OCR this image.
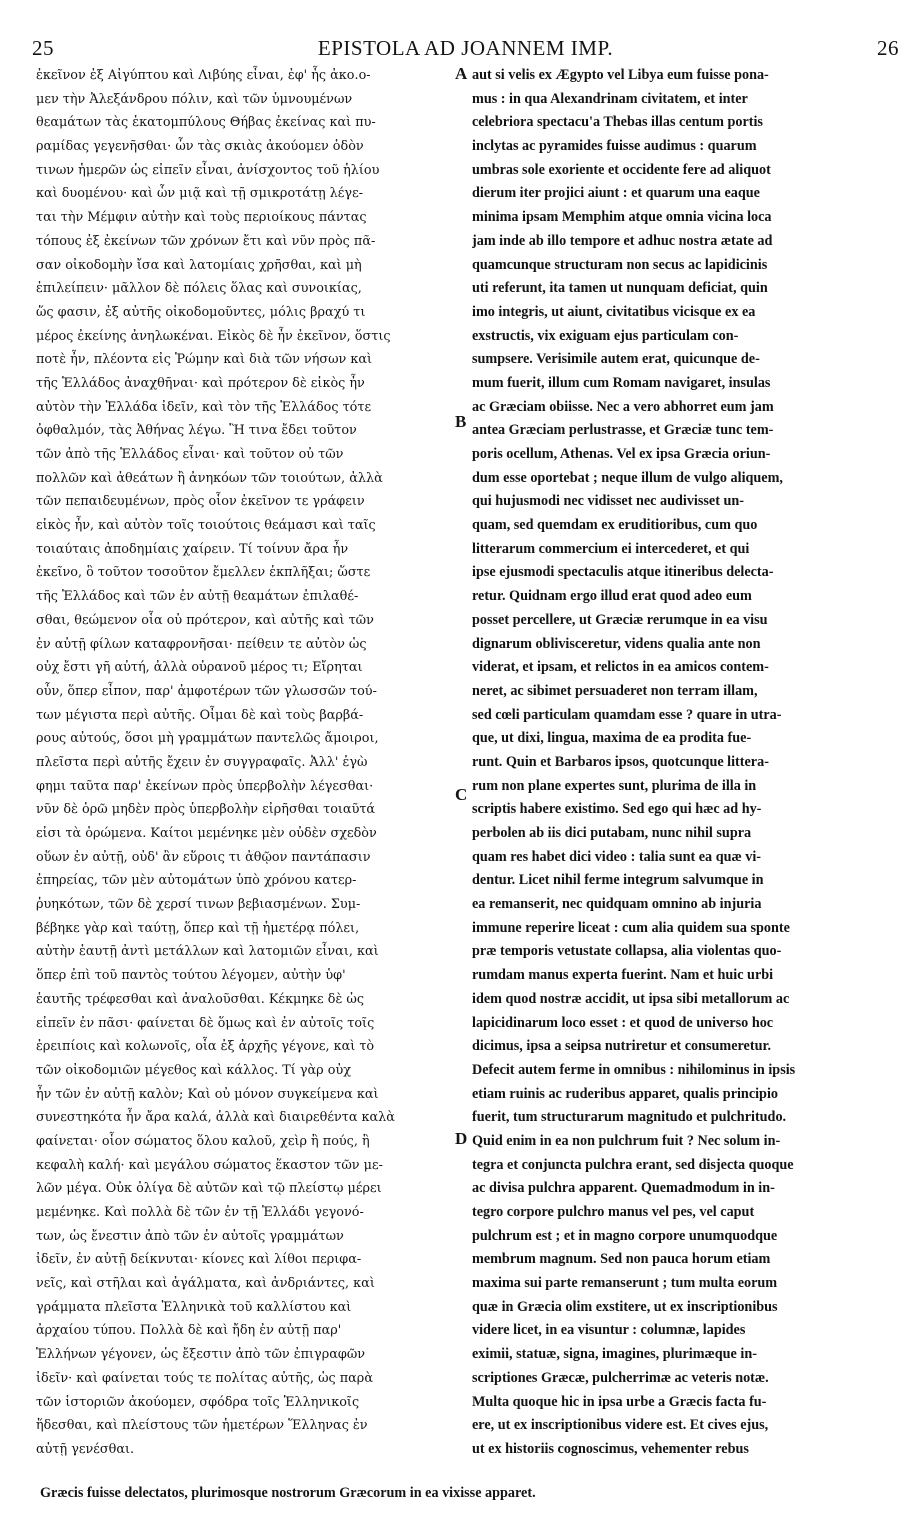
25	EPISTOLA AD JOANNEM IMP.	26
ἐκεῖνον ἐξ Αἰγύπτου καὶ Λιβύης εἶναι, ἐφ' ἧς ἀκο.ο-
μεν τὴν Ἀλεξάνδρου πόλιν, καὶ τῶν ὑμνουμένων
θεαμάτων τὰς ἑκατομπύλους Θήβας ἐκείνας καὶ πυ-
ραμίδας γεγενῆσθαι· ὧν τὰς σκιὰς ἀκούομεν ὁδὸν
τινων ἡμερῶν ὡς εἰπεῖν εἶναι, ἀνίσχοντος τοῦ ἡλίου
καὶ δυομένου· καὶ ὧν μιᾷ καὶ τῇ σμικροτάτῃ λέγε-
ται τὴν Μέμφιν αὐτὴν καὶ τοὺς περιοίκους πάντας
τόπους ἐξ ἐκείνων τῶν χρόνων ἔτι καὶ νῦν πρὸς πᾶ-
σαν οἰκοδομὴν ἴσα καὶ λατομίαις χρῆσθαι, καὶ μὴ
ἐπιλείπειν· μᾶλλον δὲ πόλεις ὅλας καὶ συνοικίας,
ὥς φασιν, ἐξ αὐτῆς οἰκοδομοῦντες, μόλις βραχύ τι
μέρος ἐκείνης ἀνηλωκέναι. Εἰκὸς δὲ ἦν ἐκεῖνον, ὅστις
ποτὲ ἦν, πλέοντα εἰς Ῥώμην καὶ διὰ τῶν νήσων καὶ
τῆς Ἑλλάδος ἀναχθῆναι· καὶ πρότερον δὲ εἰκὸς ἦν
αὐτὸν τὴν Ἑλλάδα ἰδεῖν, καὶ τὸν τῆς Ἑλλάδος τότε
ὀφθαλμόν, τὰς Ἀθήνας λέγω. Ἢ τινα ἔδει τοῦτον
τῶν ἀπὸ τῆς Ἑλλάδος εἶναι· καὶ τοῦτον οὐ τῶν
πολλῶν καὶ ἀθεάτων ἢ ἀνηκόων τῶν τοιούτων, ἀλλὰ
τῶν πεπαιδευμένων, πρὸς οἷον ἐκεῖνον τε γράφειν
εἰκὸς ἦν, καὶ αὐτὸν τοῖς τοιούτοις θεάμασι καὶ ταῖς
τοιαύταις ἀποδημίαις χαίρειν. Τί τοίνυν ἄρα ἦν
ἐκεῖνο, ὃ τοῦτον τοσοῦτον ἔμελλεν ἐκπλῆξαι; ὥστε
τῆς Ἑλλάδος καὶ τῶν ἐν αὐτῇ θεαμάτων ἐπιλαθέ-
σθαι, θεώμενον οἷα οὐ πρότερον, καὶ αὐτῆς καὶ τῶν
ἐν αὐτῇ φίλων καταφρονῆσαι· πείθειν τε αὐτὸν ὡς
οὐχ ἔστι γῆ αὐτή, ἀλλὰ οὐρανοῦ μέρος τι; Εἴρηται
οὖν, ὅπερ εἶπον, παρ' ἀμφοτέρων τῶν γλωσσῶν τού-
των μέγιστα περὶ αὐτῆς. Οἶμαι δὲ καὶ τοὺς βαρβά-
ρους αὐτούς, ὅσοι μὴ γραμμάτων παντελῶς ἄμοιροι,
πλεῖστα περὶ αὐτῆς ἔχειν ἐν συγγραφαῖς. Ἀλλ' ἐγὼ
φημι ταῦτα παρ' ἐκείνων πρὸς ὑπερβολὴν λέγεσθαι·
νῦν δὲ ὁρῶ μηδὲν πρὸς ὑπερβολὴν εἰρῆσθαι τοιαῦτά
εἰσι τὰ ὁρώμενα. Καίτοι μεμένηκε μὲν οὐδὲν σχεδὸν
οὕων ἐν αὐτῇ, οὐδ' ἂν εὕροις τι ἀθῷον παντάπασιν
ἐπηρείας, τῶν μὲν αὐτομάτων ὑπὸ χρόνου κατερ-
ῥυηκότων, τῶν δὲ χερσί τινων βεβιασμένων. Συμ-
βέβηκε γὰρ καὶ ταύτῃ, ὅπερ καὶ τῇ ἡμετέρᾳ πόλει,
αὐτὴν ἑαυτῇ ἀντὶ μετάλλων καὶ λατομιῶν εἶναι, καὶ
ὅπερ ἐπὶ τοῦ παντὸς τούτου λέγομεν, αὐτὴν ὑφ'
ἑαυτῆς τρέφεσθαι καὶ ἀναλοῦσθαι. Κέκμηκε δὲ ὡς
εἰπεῖν ἐν πᾶσι· φαίνεται δὲ ὅμως καὶ ἐν αὐτοῖς τοῖς
ἐρειπίοις καὶ κολωνοῖς, οἷα ἐξ ἀρχῆς γέγονε, καὶ τὸ
τῶν οἰκοδομιῶν μέγεθος καὶ κάλλος. Τί γὰρ οὐχ
ἦν τῶν ἐν αὐτῇ καλὸν; Καὶ οὐ μόνον συγκείμενα καὶ
συνεστηκότα ἦν ἄρα καλά, ἀλλὰ καὶ διαιρεθέντα καλὰ
φαίνεται· οἷον σώματος ὅλου καλοῦ, χεὶρ ἢ πούς, ἢ
κεφαλὴ καλή· καὶ μεγάλου σώματος ἕκαστον τῶν με-
λῶν μέγα. Οὐκ ὀλίγα δὲ αὐτῶν καὶ τῷ πλείστῳ μέρει
μεμένηκε. Καὶ πολλὰ δὲ τῶν ἐν τῇ Ἑλλάδι γεγονό-
των, ὡς ἔνεστιν ἀπὸ τῶν ἐν αὐτοῖς γραμμάτων
ἰδεῖν, ἐν αὐτῇ δείκνυται· κίονες καὶ λίθοι περιφα-
νεῖς, καὶ στῆλαι καὶ ἀγάλματα, καὶ ἀνδριάντες, καὶ
γράμματα πλεῖστα Ἑλληνικὰ τοῦ καλλίστου καὶ
ἀρχαίου τύπου. Πολλὰ δὲ καὶ ἤδη ἐν αὐτῇ παρ'
Ἑλλήνων γέγονεν, ὡς ἔξεστιν ἀπὸ τῶν ἐπιγραφῶν
ἰδεῖν· καὶ φαίνεται τούς τε πολίτας αὐτῆς, ὡς παρὰ
τῶν ἱστοριῶν ἀκούομεν, σφόδρα τοῖς Ἑλληνικοῖς
ἥδεσθαι, καὶ πλείστους τῶν ἡμετέρων Ἕλληνας ἐν
αὐτῇ γενέσθαι.
aut si velis ex Ægypto vel Libya eum fuisse pona-
mus : in qua Alexandrinam civitatem, et inter
celebriora spectacu'a Thebas illas centum portis
inclytas ac pyramides fuisse audimus : quarum
umbras sole exoriente et occidente fere ad aliquot
dierum iter projici aiunt : et quarum una eaque
minima ipsam Memphim atque omnia vicina loca
jam inde ab illo tempore et adhuc nostra ætate ad
quamcunque structuram non secus ac lapidicinis
uti referunt, ita tamen ut nunquam deficiat, quin
imo integris, ut aiunt, civitatibus vicisque ex ea
exstructis, vix exiguam ejus particulam con-
sumpsere. Verisimile autem erat, quicunque de-
mum fuerit, illum cum Romam navigaret, insulas
ac Græciam obiisse. Nec a vero abhorret eum jam
antea Græciam perlustrasse, et Græciæ tunc tem-
poris ocellum, Athenas. Vel ex ipsa Græcia oriun-
dum esse oportebat ; neque illum de vulgo aliquem,
qui hujusmodi nec vidisset nec audivisset un-
quam, sed quemdam ex eruditioribus, cum quo
litterarum commercium ei intercederet, et qui
ipse ejusmodi spectaculis atque itineribus delecta-
retur. Quidnam ergo illud erat quod adeo eum
posset percellere, ut Græciæ rerumque in ea visu
dignarum oblivisceretur, videns qualia ante non
viderat, et ipsam, et relictos in ea amicos contem-
neret, ac sibimet persuaderet non terram illam,
sed cœli particulam quamdam esse ? quare in utra-
que, ut dixi, lingua, maxima de ea prodita fue-
runt. Quin et Barbaros ipsos, quotcunque littera-
rum non plane expertes sunt, plurima de illa in
scriptis habere existimo. Sed ego qui hæc ad hy-
perbolen ab iis dici putabam, nunc nihil supra
quam res habet dici video : talia sunt ea quæ vi-
dentur. Licet nihil ferme integrum salvumque in
ea remanserit, nec quidquam omnino ab injuria
immune reperire liceat : cum alia quidem sua sponte
præ temporis vetustate collapsa, alia violentas quo-
rumdam manus experta fuerint. Nam et huic urbi
idem quod nostræ accidit, ut ipsa sibi metallorum ac
lapicidinarum loco esset : et quod de universo hoc
dicimus, ipsa a seipsa nutriretur et consumeretur.
Defecit autem ferme in omnibus : nihilominus in ipsis
etiam ruinis ac ruderibus apparet, qualis principio
fuerit, tum structurarum magnitudo et pulchritudo.
Quid enim in ea non pulchrum fuit ? Nec solum in-
tegra et conjuncta pulchra erant, sed disjecta quoque
ac divisa pulchra apparent. Quemadmodum in in-
tegro corpore pulchro manus vel pes, vel caput
pulchrum est ; et in magno corpore unumquodque
membrum magnum. Sed non pauca horum etiam
maxima sui parte remanserunt ; tum multa eorum
quæ in Græcia olim exstitere, ut ex inscriptionibus
videre licet, in ea visuntur : columnæ, lapides
eximii, statuæ, signa, imagines, plurimæque in-
scriptiones Græcæ, pulcherrimæ ac veteris notæ.
Multa quoque hic in ipsa urbe a Græcis facta fu-
ere, ut ex inscriptionibus videre est. Et cives ejus,
ut ex historiis cognoscimus, vehementer rebus
A
B
C
D
Græcis fuisse delectatos, plurimosque nostrorum Græcorum in ea vixisse apparet.
